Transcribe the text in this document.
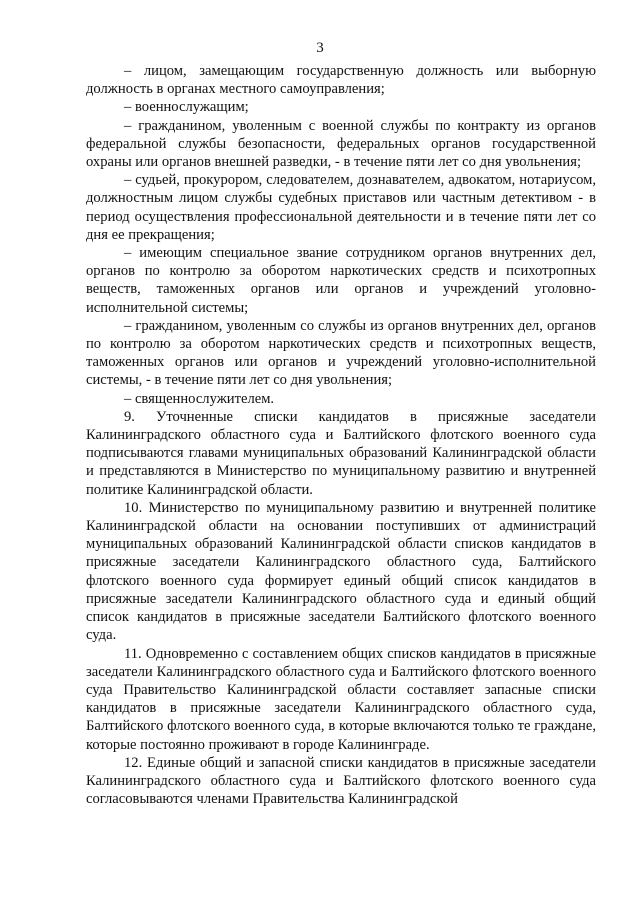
3

– лицом, замещающим государственную должность или выборную должность в органах местного самоуправления;

– военнослужащим;

– гражданином, уволенным с военной службы по контракту из органов федеральной службы безопасности, федеральных органов государственной охраны или органов внешней разведки, - в течение пяти лет со дня увольнения;

– судьей, прокурором, следователем, дознавателем, адвокатом, нотариусом, должностным лицом службы судебных приставов или частным детективом - в период осуществления профессиональной деятельности и в течение пяти лет со дня ее прекращения;

– имеющим специальное звание сотрудником органов внутренних дел, органов по контролю за оборотом наркотических средств и психотропных веществ, таможенных органов или органов и учреждений уголовно-исполнительной системы;

– гражданином, уволенным со службы из органов внутренних дел, органов по контролю за оборотом наркотических средств и психотропных веществ, таможенных органов или органов и учреждений уголовно-исполнительной системы, - в течение пяти лет со дня увольнения;

– священнослужителем.

9. Уточненные списки кандидатов в присяжные заседатели Калининградского областного суда и Балтийского флотского военного суда подписываются главами муниципальных образований Калининградской области и представляются в Министерство по муниципальному развитию и внутренней политике Калининградской области.

10. Министерство по муниципальному развитию и внутренней политике Калининградской области на основании поступивших от администраций муниципальных образований Калининградской области списков кандидатов в присяжные заседатели Калининградского областного суда, Балтийского флотского военного суда формирует единый общий список кандидатов в присяжные заседатели Калининградского областного суда и единый общий список кандидатов в присяжные заседатели Балтийского флотского военного суда.

11. Одновременно с составлением общих списков кандидатов в присяжные заседатели Калининградского областного суда и Балтийского флотского военного суда Правительство Калининградской области составляет запасные списки кандидатов в присяжные заседатели Калининградского областного суда, Балтийского флотского военного суда, в которые включаются только те граждане, которые постоянно проживают в городе Калининграде.

12. Единые общий и запасной списки кандидатов в присяжные заседатели Калининградского областного суда и Балтийского флотского военного суда согласовываются членами Правительства Калининградской
